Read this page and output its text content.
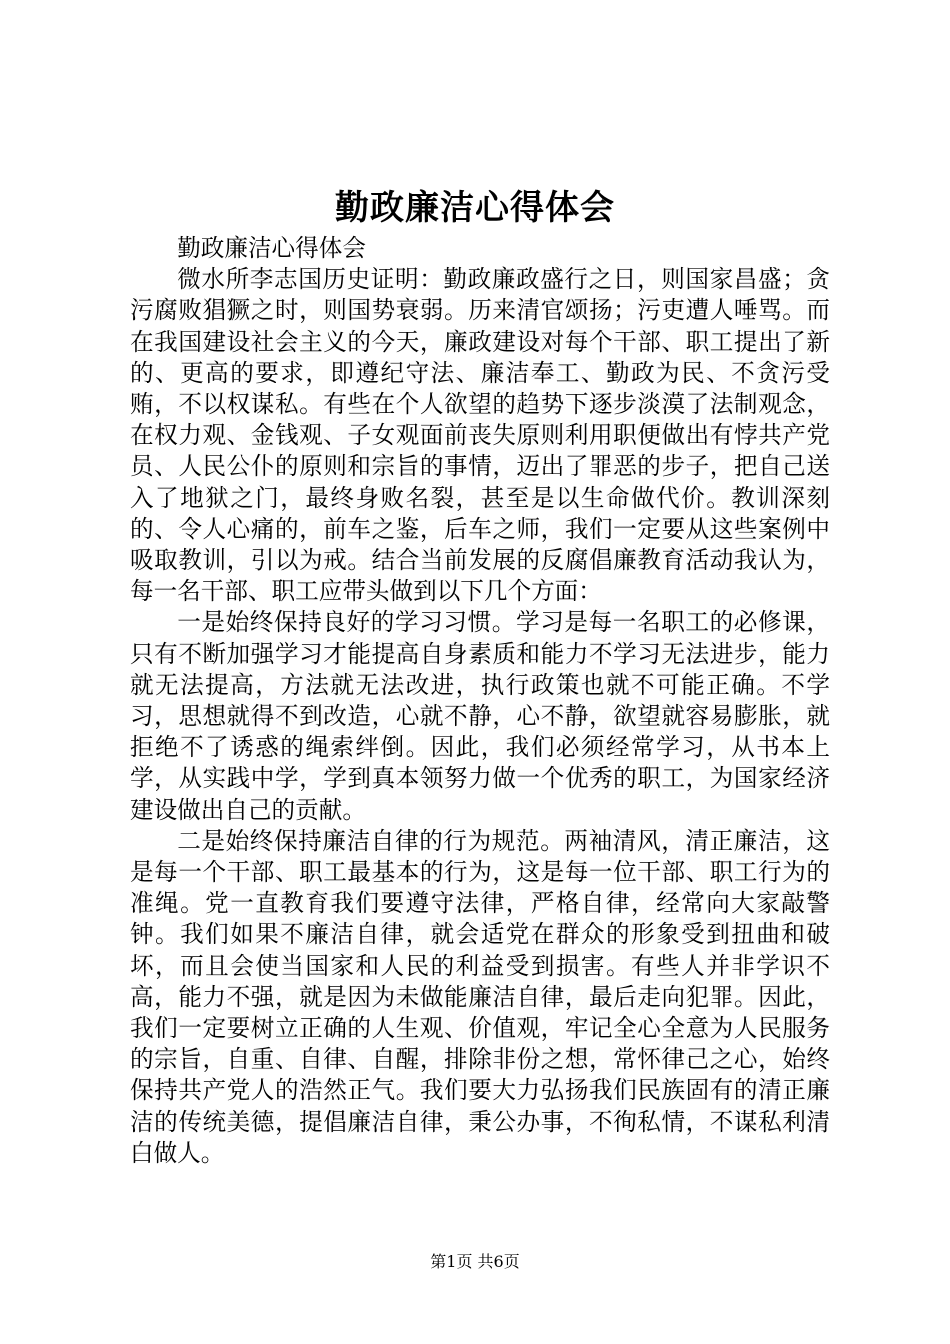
勤政廉洁心得体会

勤政廉洁心得体会

微水所李志国历史证明：勤政廉政盛行之日，则国家昌盛；贪污腐败猖獗之时，则国势衰弱。历来清官颂扬；污吏遭人唾骂。而在我国建设社会主义的今天，廉政建设对每个干部、职工提出了新的、更高的要求，即遵纪守法、廉洁奉工、勤政为民、不贪污受贿，不以权谋私。有些在个人欲望的趋势下逐步淡漠了法制观念，在权力观、金钱观、子女观面前丧失原则利用职便做出有悖共产党员、人民公仆的原则和宗旨的事情，迈出了罪恶的步子，把自己送入了地狱之门，最终身败名裂，甚至是以生命做代价。教训深刻的、令人心痛的，前车之鉴，后车之师，我们一定要从这些案例中吸取教训，引以为戒。结合当前发展的反腐倡廉教育活动我认为，每一名干部、职工应带头做到以下几个方面：

一是始终保持良好的学习习惯。学习是每一名职工的必修课，只有不断加强学习才能提高自身素质和能力不学习无法进步，能力就无法提高，方法就无法改进，执行政策也就不可能正确。不学习，思想就得不到改造，心就不静，心不静，欲望就容易膨胀，就拒绝不了诱惑的绳索绊倒。因此，我们必须经常学习，从书本上学，从实践中学，学到真本领努力做一个优秀的职工，为国家经济建设做出自己的贡献。

二是始终保持廉洁自律的行为规范。两袖清风，清正廉洁，这是每一个干部、职工最基本的行为，这是每一位干部、职工行为的准绳。党一直教育我们要遵守法律，严格自律，经常向大家敲警钟。我们如果不廉洁自律，就会适党在群众的形象受到扭曲和破坏，而且会使当国家和人民的利益受到损害。有些人并非学识不高，能力不强，就是因为未做能廉洁自律，最后走向犯罪。因此，我们一定要树立正确的人生观、价值观，牢记全心全意为人民服务的宗旨，自重、自律、自醒，排除非份之想，常怀律己之心，始终保持共产党人的浩然正气。我们要大力弘扬我们民族固有的清正廉洁的传统美德，提倡廉洁自律，秉公办事，不徇私情，不谋私利清白做人。

第1页 共6页
